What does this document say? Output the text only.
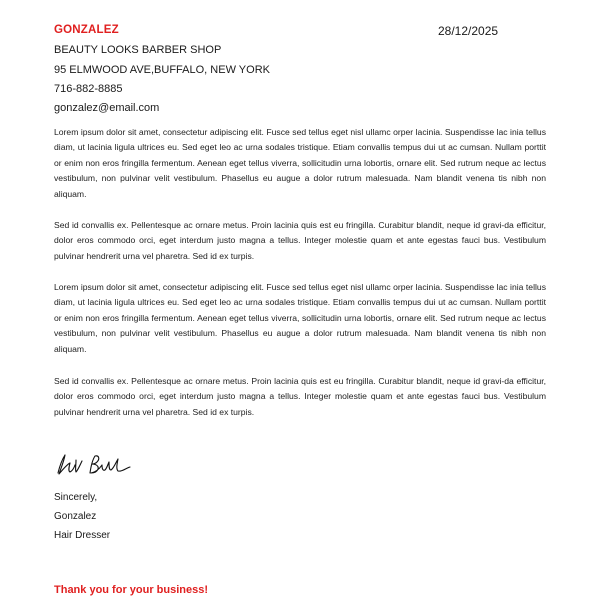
GONZALEZ	28/12/2025
BEAUTY LOOKS BARBER SHOP
95 ELMWOOD AVE,BUFFALO, NEW YORK
716-882-8885
gonzalez@email.com

Lorem ipsum dolor sit amet, consectetur adipiscing elit. Fusce sed tellus eget nisl ullamc orper lacinia. Suspendisse lac inia tellus diam, ut lacinia ligula ultrices eu. Sed eget leo ac urna sodales tristique. Etiam convallis tempus dui ut ac cumsan. Nullam porttit or enim non eros fringilla fermentum. Aenean eget tellus viverra, sollicitudin urna lobortis, ornare elit. Sed rutrum neque ac lectus vestibulum, non pulvinar velit vestibulum. Phasellus eu augue a dolor rutrum malesuada. Nam blandit venena tis nibh non aliquam.

Sed id convallis ex. Pellentesque ac ornare metus. Proin lacinia quis est eu fringilla. Curabitur blandit, neque id gravi-da efficitur, dolor eros commodo orci, eget interdum justo magna a tellus. Integer molestie quam et ante egestas fauci bus. Vestibulum pulvinar hendrerit urna vel pharetra. Sed id ex turpis.

Lorem ipsum dolor sit amet, consectetur adipiscing elit. Fusce sed tellus eget nisl ullamc orper lacinia. Suspendisse lac inia tellus diam, ut lacinia ligula ultrices eu. Sed eget leo ac urna sodales tristique. Etiam convallis tempus dui ut ac cumsan. Nullam porttit or enim non eros fringilla fermentum. Aenean eget tellus viverra, sollicitudin urna lobortis, ornare elit. Sed rutrum neque ac lectus vestibulum, non pulvinar velit vestibulum. Phasellus eu augue a dolor rutrum malesuada. Nam blandit venena tis nibh non aliquam.

Sed id convallis ex. Pellentesque ac ornare metus. Proin lacinia quis est eu fringilla. Curabitur blandit, neque id gravi-da efficitur, dolor eros commodo orci, eget interdum justo magna a tellus. Integer molestie quam et ante egestas fauci bus. Vestibulum pulvinar hendrerit urna vel pharetra. Sed id ex turpis.

Sincerely,
Gonzalez
Hair Dresser
Thank you for your business!
